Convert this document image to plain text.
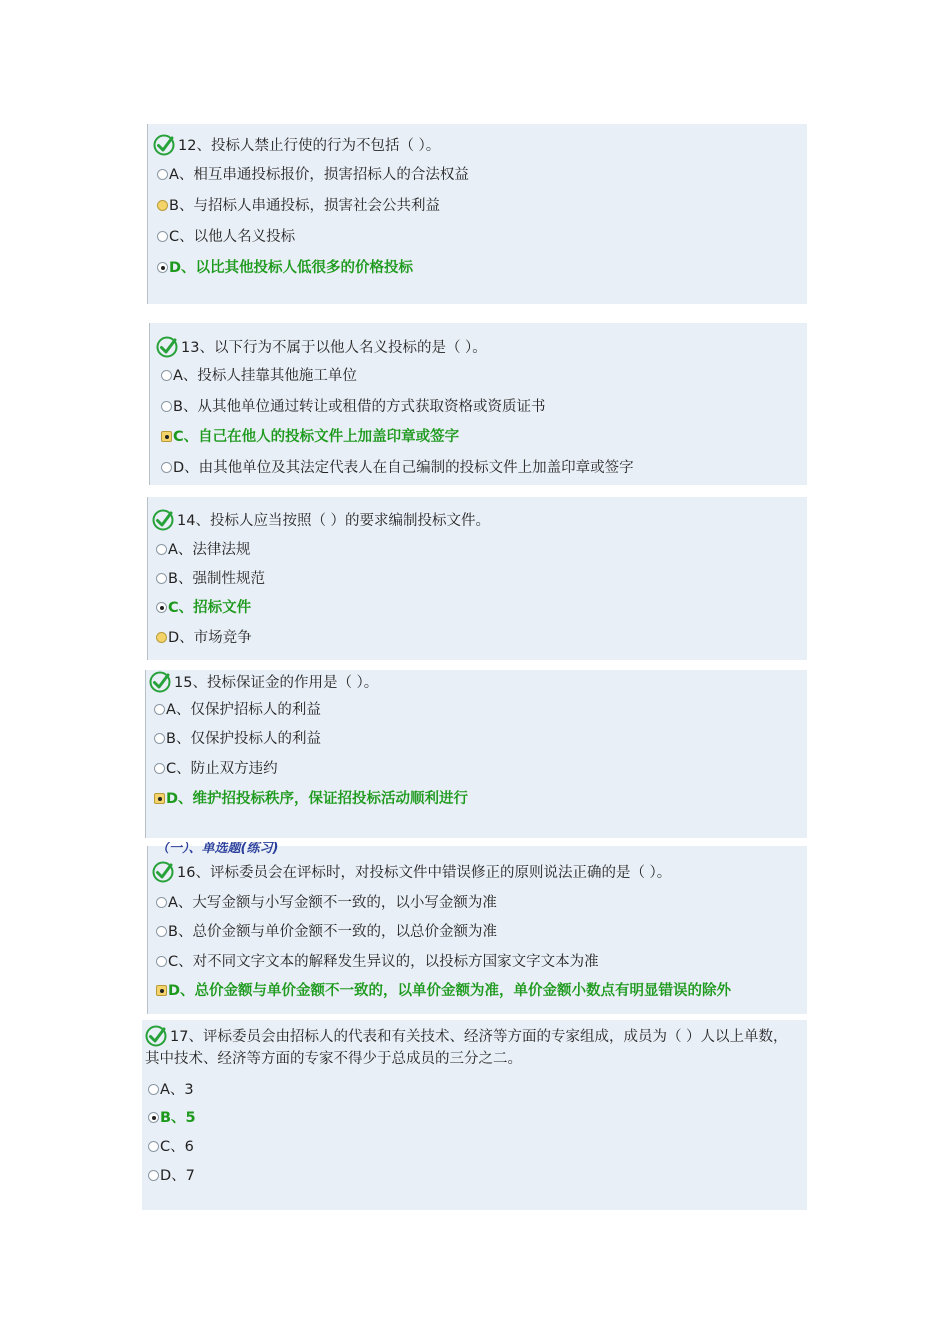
12、投标人禁止行使的行为不包括（ ）。
A、相互串通投标报价，损害招标人的合法权益
B、与招标人串通投标，损害社会公共利益
C、以他人名义投标
D、以比其他投标人低很多的价格投标
13、以下行为不属于以他人名义投标的是（ ）。
A、投标人挂靠其他施工单位
B、从其他单位通过转让或租借的方式获取资格或资质证书
C、自己在他人的投标文件上加盖印章或签字
D、由其他单位及其法定代表人在自己编制的投标文件上加盖印章或签字
14、投标人应当按照（ ）的要求编制投标文件。
A、法律法规
B、强制性规范
C、招标文件
D、市场竞争
15、投标保证金的作用是（ ）。
A、仅保护招标人的利益
B、仅保护投标人的利益
C、防止双方违约
D、维护招投标秩序，保证招投标活动顺利进行
（一）、单选题(练习)
16、评标委员会在评标时，对投标文件中错误修正的原则说法正确的是（ ）。
A、大写金额与小写金额不一致的，以小写金额为准
B、总价金额与单价金额不一致的，以总价金额为准
C、对不同文字文本的解释发生异议的，以投标方国家文字文本为准
D、总价金额与单价金额不一致的，以单价金额为准，单价金额小数点有明显错误的除外
17、评标委员会由招标人的代表和有关技术、经济等方面的专家组成，成员为（ ）人以上单数，其中技术、经济等方面的专家不得少于总成员的三分之二。
A、3
B、5
C、6
D、7
